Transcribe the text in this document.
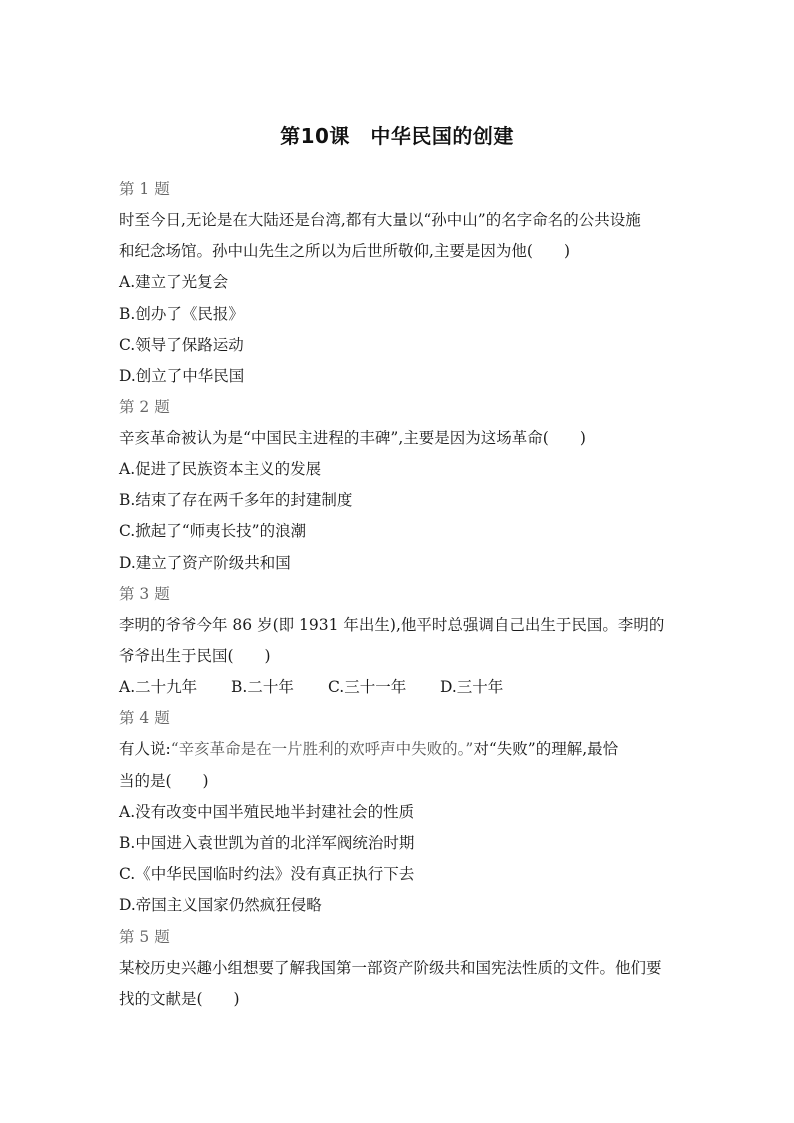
第10课　中华民国的创建
第 1 题
时至今日,无论是在大陆还是台湾,都有大量以“孙中山”的名字命名的公共设施
和纪念场馆。孙中山先生之所以为后世所敬仰,主要是因为他(　　)
A.建立了光复会
B.创办了《民报》
C.领导了保路运动
D.创立了中华民国
第 2 题
辛亥革命被认为是“中国民主进程的丰碑”,主要是因为这场革命(　　)
A.促进了民族资本主义的发展
B.结束了存在两千多年的封建制度
C.掀起了“师夷长技”的浪潮
D.建立了资产阶级共和国
第 3 题
李明的爷爷今年 86 岁(即 1931 年出生),他平时总强调自己出生于民国。李明的
爷爷出生于民国(　　)
A.二十九年 B.二十年 C.三十一年 D.三十年
第 4 题
有人说:“辛亥革命是在一片胜利的欢呼声中失败的。”对“失败”的理解,最恰
当的是(　　)
A.没有改变中国半殖民地半封建社会的性质
B.中国进入袁世凯为首的北洋军阀统治时期
C.《中华民国临时约法》没有真正执行下去
D.帝国主义国家仍然疯狂侵略
第 5 题
某校历史兴趣小组想要了解我国第一部资产阶级共和国宪法性质的文件。他们要
找的文献是(　　)
